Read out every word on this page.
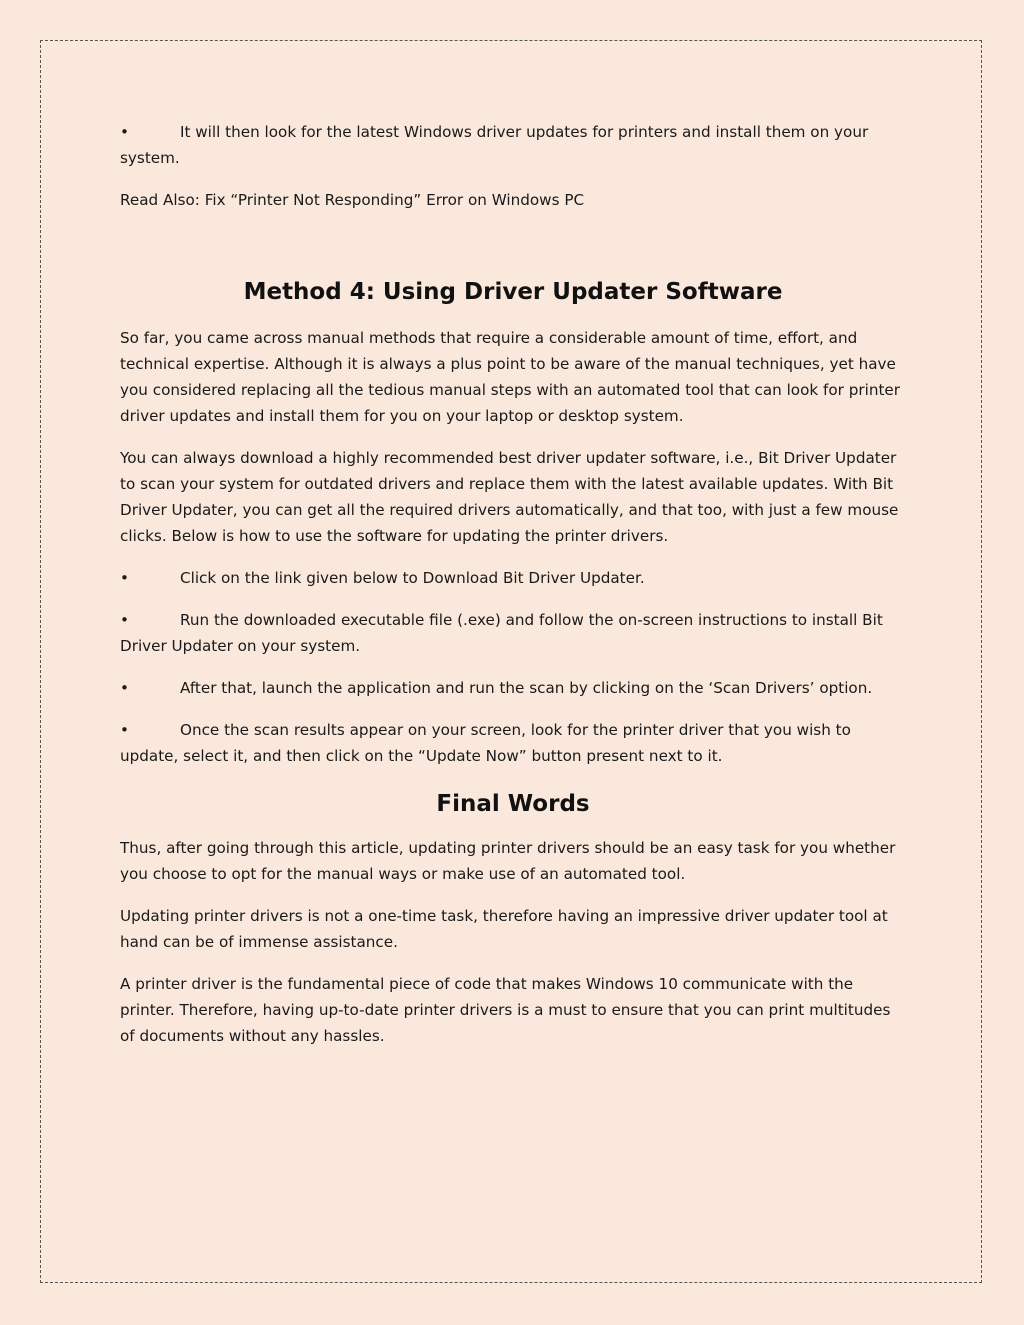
•	It will then look for the latest Windows driver updates for printers and install them on your system.

Read Also: Fix “Printer Not Responding” Error on Windows PC

Method 4: Using Driver Updater Software

So far, you came across manual methods that require a considerable amount of time, effort, and technical expertise. Although it is always a plus point to be aware of the manual techniques, yet have you considered replacing all the tedious manual steps with an automated tool that can look for printer driver updates and install them for you on your laptop or desktop system.

You can always download a highly recommended best driver updater software, i.e., Bit Driver Updater to scan your system for outdated drivers and replace them with the latest available updates. With Bit Driver Updater, you can get all the required drivers automatically, and that too, with just a few mouse clicks. Below is how to use the software for updating the printer drivers.

•	Click on the link given below to Download Bit Driver Updater.
•	Run the downloaded executable file (.exe) and follow the on-screen instructions to install Bit Driver Updater on your system.
•	After that, launch the application and run the scan by clicking on the ‘Scan Drivers’ option.
•	Once the scan results appear on your screen, look for the printer driver that you wish to update, select it, and then click on the “Update Now” button present next to it.
Final Words

Thus, after going through this article, updating printer drivers should be an easy task for you whether you choose to opt for the manual ways or make use of an automated tool.

Updating printer drivers is not a one-time task, therefore having an impressive driver updater tool at hand can be of immense assistance.

A printer driver is the fundamental piece of code that makes Windows 10 communicate with the printer. Therefore, having up-to-date printer drivers is a must to ensure that you can print multitudes of documents without any hassles.
